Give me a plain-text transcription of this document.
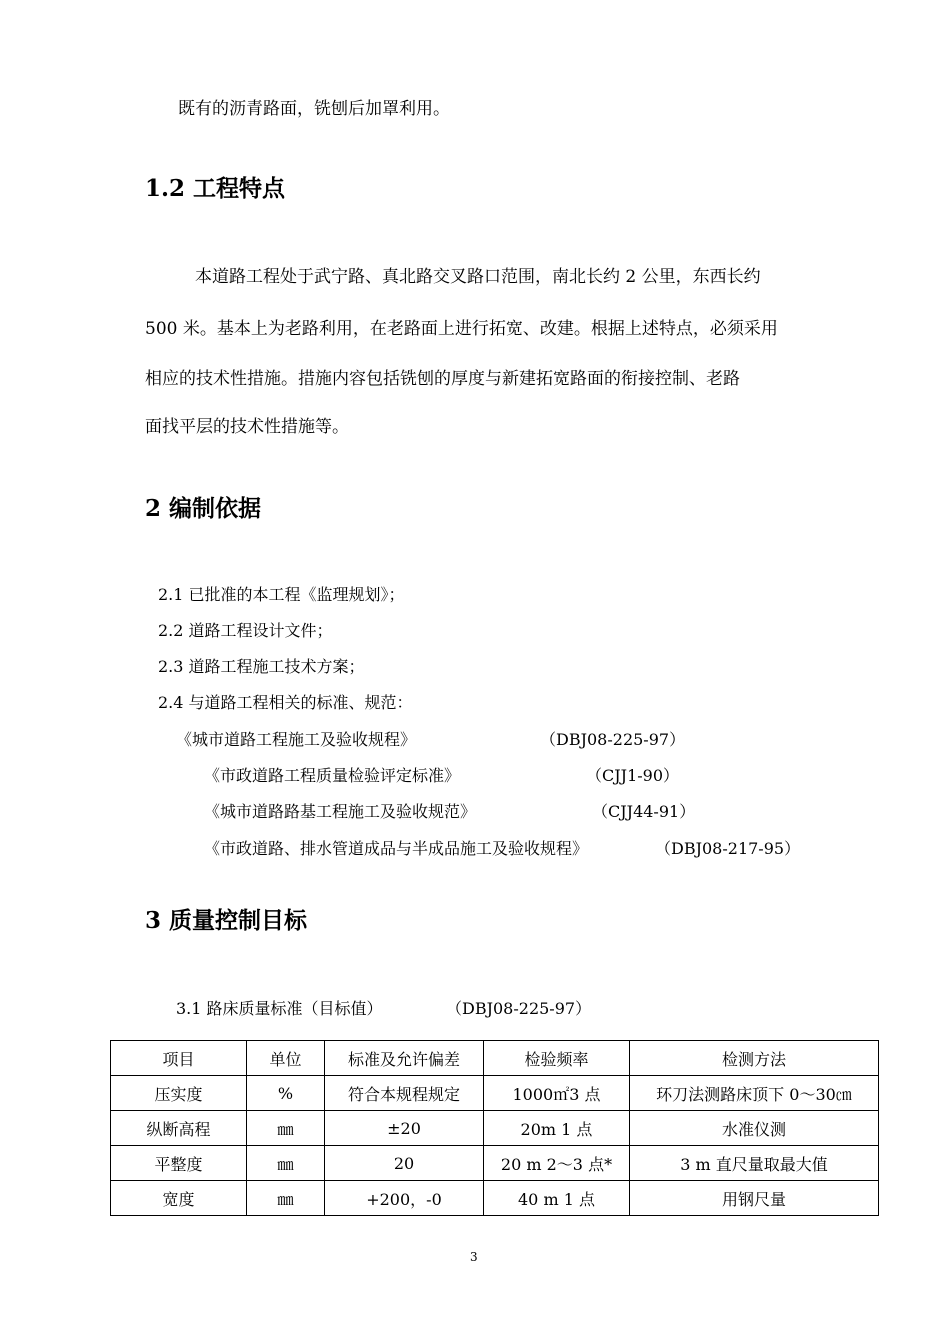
既有的沥青路面，铣刨后加罩利用。
1.2 工程特点
本道路工程处于武宁路、真北路交叉路口范围，南北长约 2 公里，东西长约
500 米。基本上为老路利用，在老路面上进行拓宽、改建。根据上述特点，必须采用
相应的技术性措施。措施内容包括铣刨的厚度与新建拓宽路面的衔接控制、老路
面找平层的技术性措施等。
2 编制依据
2.1 已批准的本工程《监理规划》；
2.2 道路工程设计文件；
2.3 道路工程施工技术方案；
2.4 与道路工程相关的标准、规范：
《城市道路工程施工及验收规程》	（DBJ08-225-97）
《市政道路工程质量检验评定标准》	（CJJ1-90）
《城市道路路基工程施工及验收规范》	（CJJ44-91）
《市政道路、排水管道成品与半成品施工及验收规程》	（DBJ08-217-95）
3 质量控制目标
3.1 路床质量标准（目标值）	（DBJ08-225-97）
项目	单位	标准及允许偏差	检验频率	检测方法
压实度	%	符合本规程规定	1000㎡3 点	环刀法测路床顶下 0～30㎝
纵断高程	㎜	±20	20m 1 点	水准仪测
平整度	㎜	20	20 m 2～3 点*	3 m 直尺量取最大值
宽度	㎜	+200，-0	40 m 1 点	用钢尺量
3
